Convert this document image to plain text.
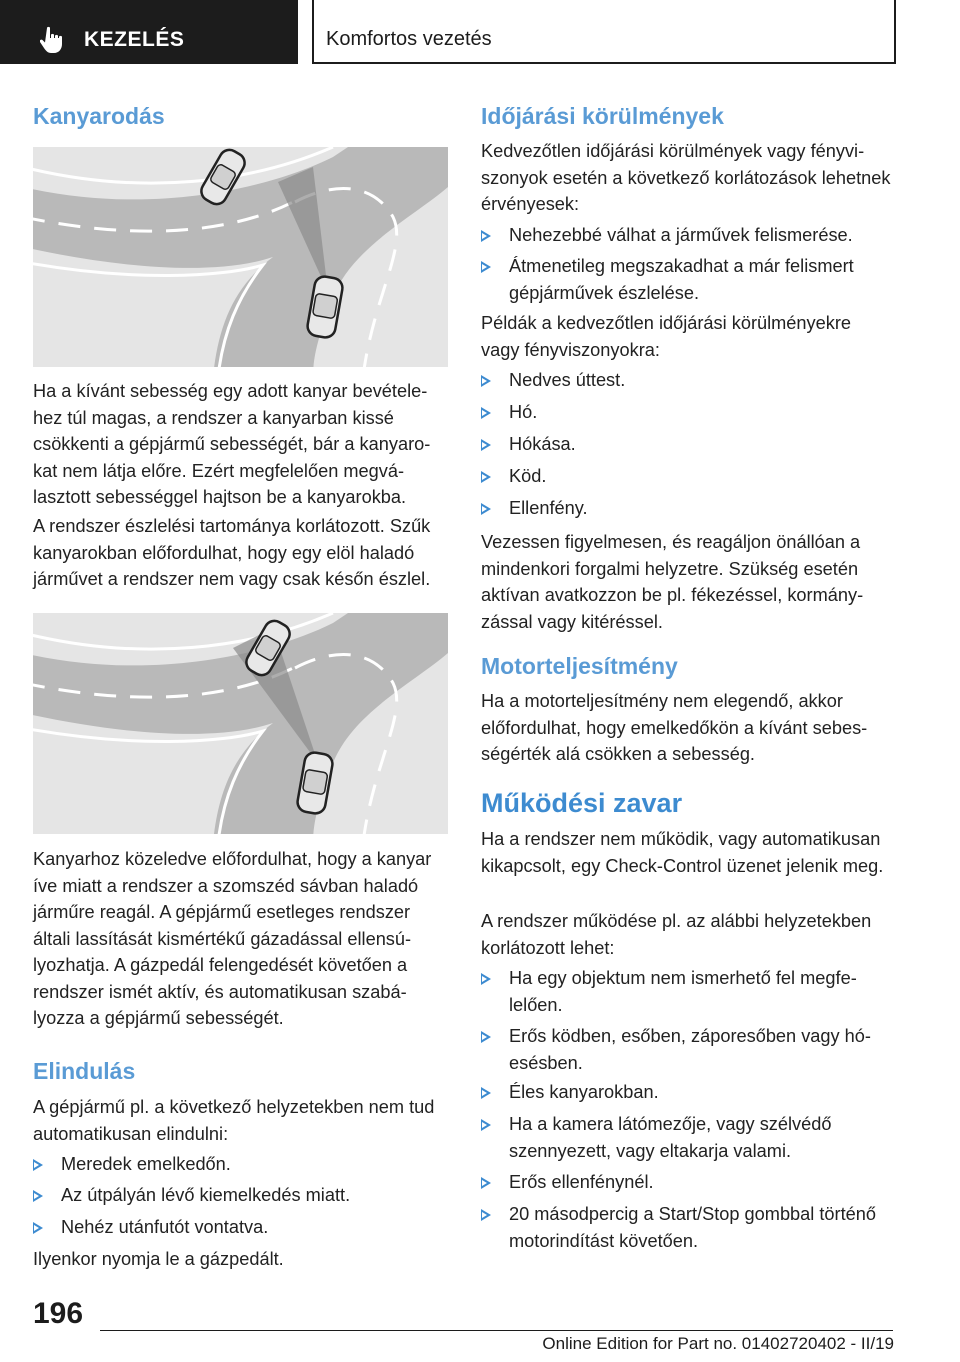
KEZELÉS	Komfortos vezetés
Kanyarodás
Ha a kívánt sebesség egy adott kanyar bevételehez túl magas, a rendszer a kanyarban kissé csökkenti a gépjármű sebességét, bár a kanyarokat nem látja előre. Ezért megfelelően megválasztott sebességgel hajtson be a kanyarokba.
A rendszer észlelési tartománya korlátozott. Szűk kanyarokban előfordulhat, hogy egy elöl haladó járművet a rendszer nem vagy csak későn észlel.
Kanyarhoz közeledve előfordulhat, hogy a kanyar íve miatt a rendszer a szomszéd sávban haladó járműre reagál. A gépjármű esetleges rendszer általi lassítását kismértékű gázadással ellensúlyozhatja. A gázpedál felengedését követően a rendszer ismét aktív, és automatikusan szabályozza a gépjármű sebességét.
Elindulás
A gépjármű pl. a következő helyzetekben nem tud automatikusan elindulni:
Meredek emelkedőn.
Az útpályán lévő kiemelkedés miatt.
Nehéz utánfutót vontatva.
Ilyenkor nyomja le a gázpedált.
Időjárási körülmények
Kedvezőtlen időjárási körülmények vagy fényviszonyok esetén a következő korlátozások lehetnek érvényesek:
Nehezebbé válhat a járművek felismerése.
Átmenetileg megszakadhat a már felismert gépjárművek észlelése.
Példák a kedvezőtlen időjárási körülményekre vagy fényviszonyokra:
Nedves úttest.
Hó.
Hókása.
Köd.
Ellenfény.
Vezessen figyelmesen, és reagáljon önállóan a mindenkori forgalmi helyzetre. Szükség esetén aktívan avatkozzon be pl. fékezéssel, kormányzással vagy kitéréssel.
Motorteljesítmény
Ha a motorteljesítmény nem elegendő, akkor előfordulhat, hogy emelkedőkön a kívánt sebességérték alá csökken a sebesség.
Működési zavar
Ha a rendszer nem működik, vagy automatikusan kikapcsolt, egy Check-Control üzenet jelenik meg.
A rendszer működése pl. az alábbi helyzetekben korlátozott lehet:
Ha egy objektum nem ismerhető fel megfelelően.
Erős ködben, esőben, záporesőben vagy hóesésben.
Éles kanyarokban.
Ha a kamera látómezője, vagy szélvédő szennyezett, vagy eltakarja valami.
Erős ellenfénynél.
20 másodpercig a Start/Stop gombbal történő motorindítást követően.
196
Online Edition for Part no. 01402720402 - II/19
